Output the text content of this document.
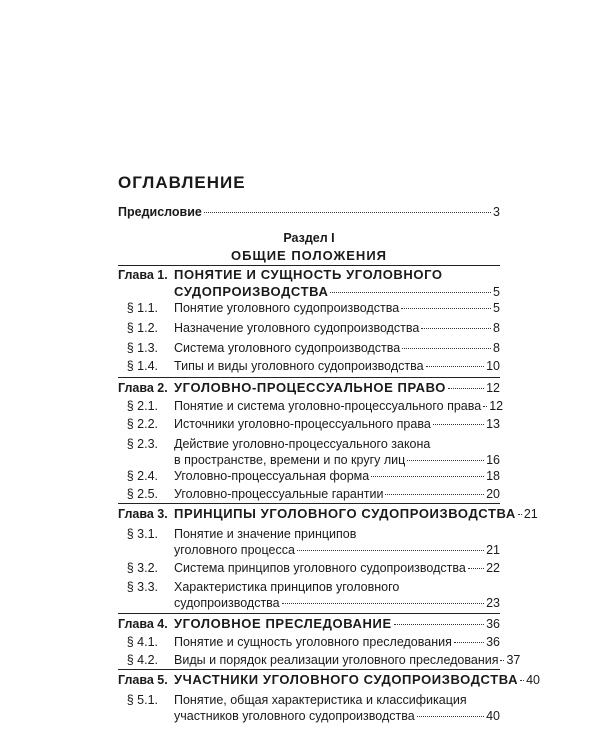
ОГЛАВЛЕНИЕ
Предисловие	3
Раздел I
ОБЩИЕ ПОЛОЖЕНИЯ
Глава 1. ПОНЯТИЕ И СУЩНОСТЬ УГОЛОВНОГО
СУДОПРОИЗВОДСТВА	5
§ 1.1. Понятие уголовного судопроизводства	5
§ 1.2. Назначение уголовного судопроизводства	8
§ 1.3. Система уголовного судопроизводства	8
§ 1.4. Типы и виды уголовного судопроизводства	10
Глава 2. УГОЛОВНО-ПРОЦЕССУАЛЬНОЕ ПРАВО	12
§ 2.1. Понятие и система уголовно-процессуального права 12
§ 2.2. Источники уголовно-процессуального права	13
§ 2.3. Действие уголовно-процессуального закона
в пространстве, времени и по кругу лиц	16
§ 2.4. Уголовно-процессуальная форма	18
§ 2.5. Уголовно-процессуальные гарантии	20
Глава 3. ПРИНЦИПЫ УГОЛОВНОГО СУДОПРОИЗВОДСТВА 21
§ 3.1. Понятие и значение принципов
уголовного процесса	21
§ 3.2. Система принципов уголовного судопроизводства 22
§ 3.3. Характеристика принципов уголовного
судопроизводства	23
Глава 4. УГОЛОВНОЕ ПРЕСЛЕДОВАНИЕ	36
§ 4.1. Понятие и сущность уголовного преследования	36
§ 4.2. Виды и порядок реализации уголовного преследования 37
Глава 5. УЧАСТНИКИ УГОЛОВНОГО СУДОПРОИЗВОДСТВА 40
§ 5.1. Понятие, общая характеристика и классификация
участников уголовного судопроизводства	40
